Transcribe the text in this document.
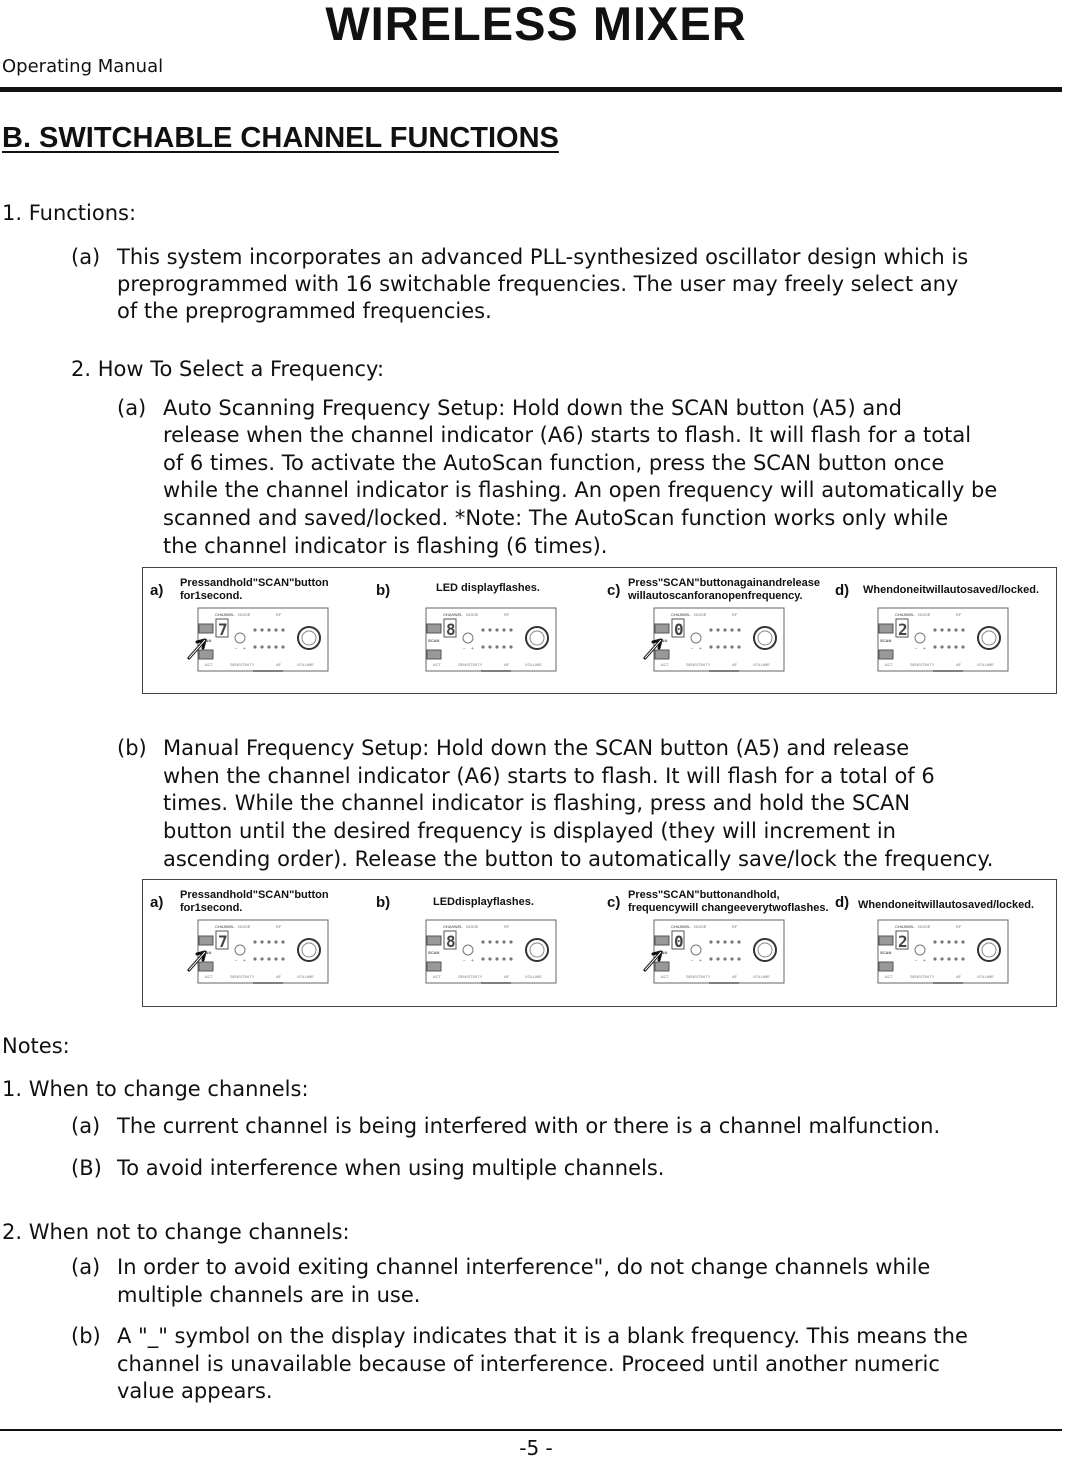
WIRELESS MIXER
Operating Manual
B. SWITCHABLE CHANNEL FUNCTIONS
1. Functions:
(a) This system incorporates an advanced PLL-synthesized oscillator design which is
preprogrammed with 16 switchable frequencies. The user may freely select any
of the preprogrammed frequencies.
2. How To Select a Frequency:
(a) Auto Scanning Frequency Setup: Hold down the SCAN button (A5) and
release when the channel indicator (A6) starts to flash. It will flash for a total
of 6 times. To activate the AutoScan function, press the SCAN button once
while the channel indicator is flashing. An open frequency will automatically be
scanned and saved/locked. *Note: The AutoScan function works only while
the channel indicator is flashing (6 times).
a) Pressandhold"SCAN"button
for1second.	b)	LED displayflashes.	c) Press"SCAN"buttonagainandrelease
willautoscanforanopenfrequency. d) Whendoneitwillautosaved/locked.
CHANNEL NOISE	RF
7
SCAN
− +
ACT	SENSITIVITY	AF	VOLUME
CHANNEL NOISE	RF
8
SCAN
− +
ACT	SENSITIVITY	AF	VOLUME
CHANNEL NOISE	RF
0
SCAN
− +
ACT	SENSITIVITY	AF	VOLUME
CHANNEL NOISE	RF
2
SCAN
− +
ACT	SENSITIVITY	AF	VOLUME
(b) Manual Frequency Setup: Hold down the SCAN button (A5) and release
when the channel indicator (A6) starts to flash. It will flash for a total of 6
times. While the channel indicator is flashing, press and hold the SCAN
button until the desired frequency is displayed (they will increment in
ascending order). Release the button to automatically save/lock the frequency.
a) Pressandhold"SCAN"button
for1second.	b)	LEDdisplayflashes.	c) Press"SCAN"buttonandhold,
frequencywill changeeverytwoflashes. d) Whendoneitwillautosaved/locked.
CHANNEL NOISE	RF
7
SCAN
− +
ACT	SENSITIVITY	AF	VOLUME
CHANNEL NOISE	RF
8
SCAN
− +
ACT	SENSITIVITY	AF	VOLUME
CHANNEL NOISE	RF
0
SCAN
− +
ACT	SENSITIVITY	AF	VOLUME
CHANNEL NOISE	RF
2
SCAN
− +
ACT	SENSITIVITY	AF	VOLUME
Notes:
1. When to change channels:
(a) The current channel is being interfered with or there is a channel malfunction.
(B) To avoid interference when using multiple channels.
2. When not to change channels:
(a) In order to avoid exiting channel interference", do not change channels while
multiple channels are in use.
(b) A "_" symbol on the display indicates that it is a blank frequency. This means the
channel is unavailable because of interference. Proceed until another numeric
value appears.
-5 -
